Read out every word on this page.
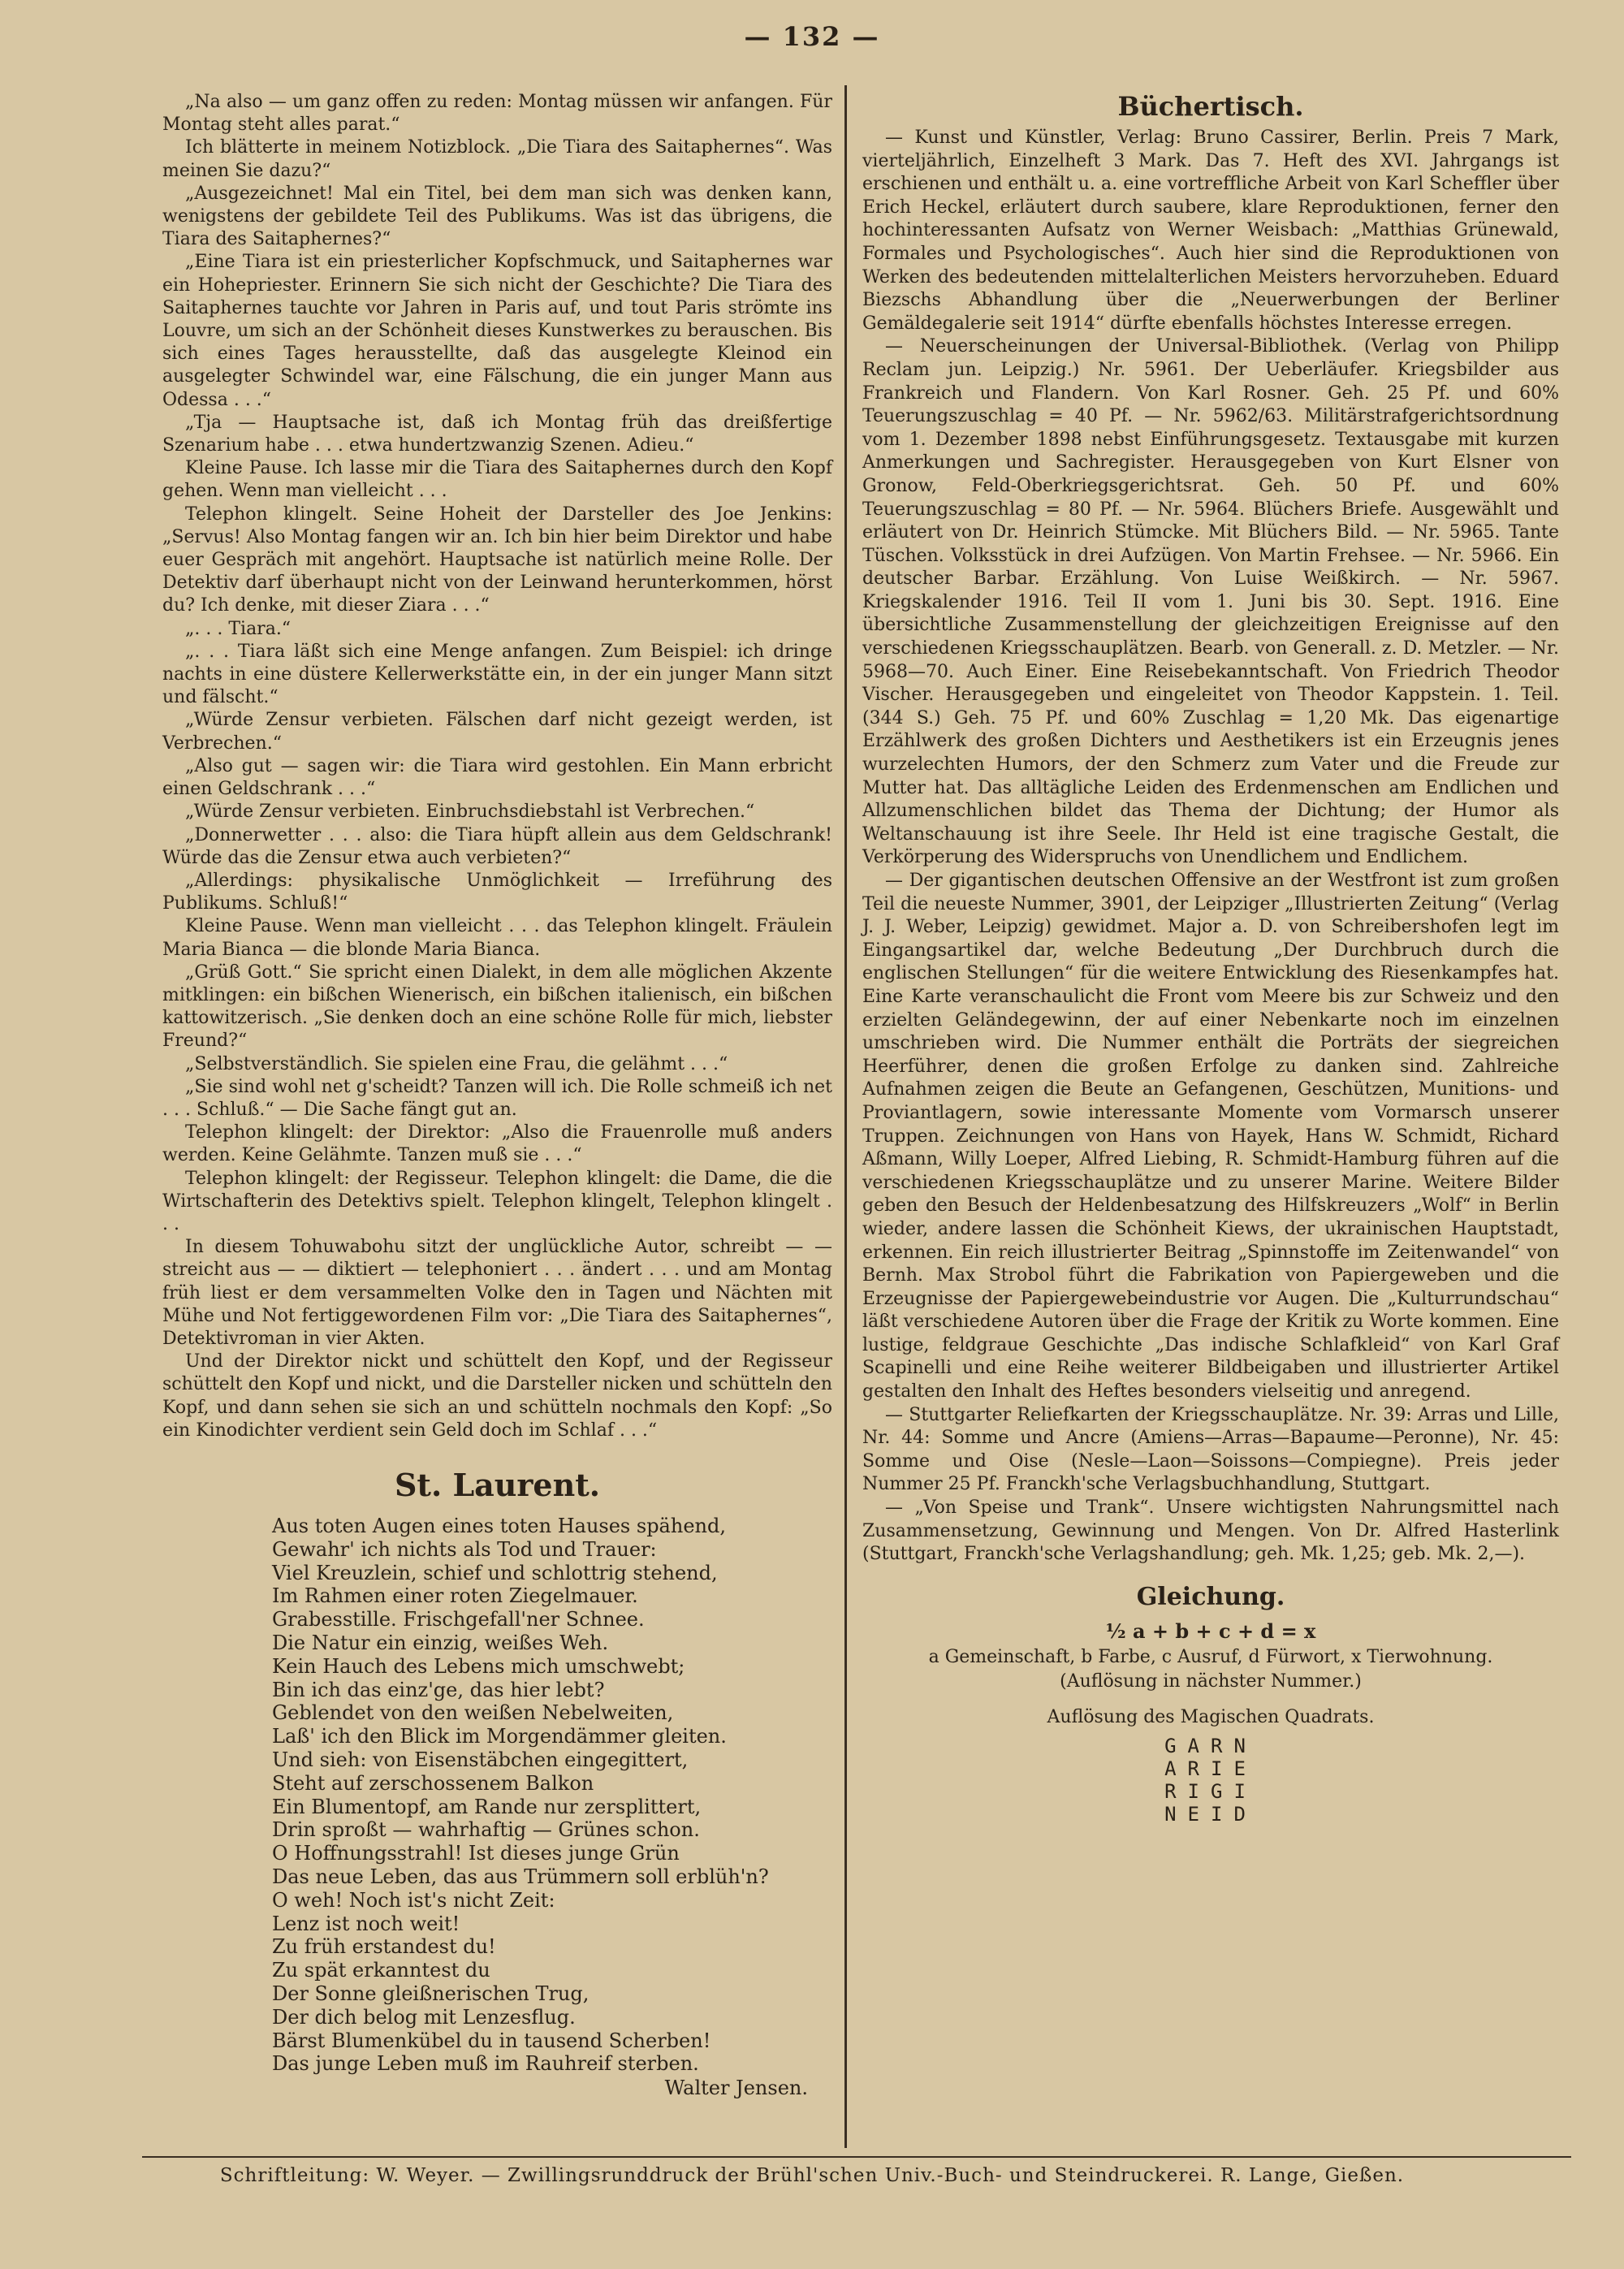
— 132 —

„Na also — um ganz offen zu reden: Montag müssen wir anfangen. Für Montag steht alles parat.“

Ich blätterte in meinem Notizblock. „Die Tiara des Saitaphernes“. Was meinen Sie dazu?“

„Ausgezeichnet! Mal ein Titel, bei dem man sich was denken kann, wenigstens der gebildete Teil des Publikums. Was ist das übrigens, die Tiara des Saitaphernes?“

„Eine Tiara ist ein priesterlicher Kopfschmuck, und Saitaphernes war ein Hohepriester. Erinnern Sie sich nicht der Geschichte? Die Tiara des Saitaphernes tauchte vor Jahren in Paris auf, und tout Paris strömte ins Louvre, um sich an der Schönheit dieses Kunstwerkes zu berauschen. Bis sich eines Tages herausstellte, daß das ausgelegte Kleinod ein ausgelegter Schwindel war, eine Fälschung, die ein junger Mann aus Odessa . . .“

„Tja — Hauptsache ist, daß ich Montag früh das dreißfertige Szenarium habe . . . etwa hundertzwanzig Szenen. Adieu.“

Kleine Pause. Ich lasse mir die Tiara des Saitaphernes durch den Kopf gehen. Wenn man vielleicht . . .

Telephon klingelt. Seine Hoheit der Darsteller des Joe Jenkins: „Servus! Also Montag fangen wir an. Ich bin hier beim Direktor und habe euer Gespräch mit angehört. Hauptsache ist natürlich meine Rolle. Der Detektiv darf überhaupt nicht von der Leinwand herunterkommen, hörst du? Ich denke, mit dieser Ziara . . .“

„. . . Tiara.“

„. . . Tiara läßt sich eine Menge anfangen. Zum Beispiel: ich dringe nachts in eine düstere Kellerwerkstätte ein, in der ein junger Mann sitzt und fälscht.“

„Würde Zensur verbieten. Fälschen darf nicht gezeigt werden, ist Verbrechen.“

„Also gut — sagen wir: die Tiara wird gestohlen. Ein Mann erbricht einen Geldschrank . . .“

„Würde Zensur verbieten. Einbruchsdiebstahl ist Verbrechen.“

„Donnerwetter . . . also: die Tiara hüpft allein aus dem Geldschrank! Würde das die Zensur etwa auch verbieten?“

„Allerdings: physikalische Unmöglichkeit — Irreführung des Publikums. Schluß!“

Kleine Pause. Wenn man vielleicht . . . das Telephon klingelt. Fräulein Maria Bianca — die blonde Maria Bianca.

„Grüß Gott.“ Sie spricht einen Dialekt, in dem alle möglichen Akzente mitklingen: ein bißchen Wienerisch, ein bißchen italienisch, ein bißchen kattowitzerisch. „Sie denken doch an eine schöne Rolle für mich, liebster Freund?“

„Selbstverständlich. Sie spielen eine Frau, die gelähmt . . .“

„Sie sind wohl net g'scheidt? Tanzen will ich. Die Rolle schmeiß ich net . . . Schluß.“ — Die Sache fängt gut an.

Telephon klingelt: der Direktor: „Also die Frauenrolle muß anders werden. Keine Gelähmte. Tanzen muß sie . . .“

Telephon klingelt: der Regisseur. Telephon klingelt: die Dame, die die Wirtschafterin des Detektivs spielt. Telephon klingelt, Telephon klingelt . . .

In diesem Tohuwabohu sitzt der unglückliche Autor, schreibt — — streicht aus — — diktiert — telephoniert . . . ändert . . . und am Montag früh liest er dem versammelten Volke den in Tagen und Nächten mit Mühe und Not fertiggewordenen Film vor: „Die Tiara des Saitaphernes“, Detektivroman in vier Akten.

Und der Direktor nickt und schüttelt den Kopf, und der Regisseur schüttelt den Kopf und nickt, und die Darsteller nicken und schütteln den Kopf, und dann sehen sie sich an und schütteln nochmals den Kopf: „So ein Kinodichter verdient sein Geld doch im Schlaf . . .“

St. Laurent.
Aus toten Augen eines toten Hauses spähend,
Gewahr' ich nichts als Tod und Trauer:
Viel Kreuzlein, schief und schlottrig stehend,
Im Rahmen einer roten Ziegelmauer.
Grabesstille. Frischgefall'ner Schnee.
Die Natur ein einzig, weißes Weh.
Kein Hauch des Lebens mich umschwebt;
Bin ich das einz'ge, das hier lebt?
Geblendet von den weißen Nebelweiten,
Laß' ich den Blick im Morgendämmer gleiten.
Und sieh: von Eisenstäbchen eingegittert,
Steht auf zerschossenem Balkon
Ein Blumentopf, am Rande nur zersplittert,
Drin sproßt — wahrhaftig — Grünes schon.
O Hoffnungsstrahl! Ist dieses junge Grün
Das neue Leben, das aus Trümmern soll erblüh'n?
O weh! Noch ist's nicht Zeit:
Lenz ist noch weit!
Zu früh erstandest du!
Zu spät erkanntest du
Der Sonne gleißnerischen Trug,
Der dich belog mit Lenzesflug.
Bärst Blumenkübel du in tausend Scherben!
Das junge Leben muß im Rauhreif sterben.
Walter Jensen.
Büchertisch.

— Kunst und Künstler, Verlag: Bruno Cassirer, Berlin. Preis 7 Mark, vierteljährlich, Einzelheft 3 Mark. Das 7. Heft des XVI. Jahrgangs ist erschienen und enthält u. a. eine vortreffliche Arbeit von Karl Scheffler über Erich Heckel, erläutert durch saubere, klare Reproduktionen, ferner den hochinteressanten Aufsatz von Werner Weisbach: „Matthias Grünewald, Formales und Psychologisches“. Auch hier sind die Reproduktionen von Werken des bedeutenden mittelalterlichen Meisters hervorzuheben. Eduard Biezschs Abhandlung über die „Neuerwerbungen der Berliner Gemäldegalerie seit 1914“ dürfte ebenfalls höchstes Interesse erregen.

— Neuerscheinungen der Universal-Bibliothek. (Verlag von Philipp Reclam jun. Leipzig.) Nr. 5961. Der Ueberläufer. Kriegsbilder aus Frankreich und Flandern. Von Karl Rosner. Geh. 25 Pf. und 60% Teuerungszuschlag = 40 Pf. — Nr. 5962/63. Militärstrafgerichtsordnung vom 1. Dezember 1898 nebst Einführungsgesetz. Textausgabe mit kurzen Anmerkungen und Sachregister. Herausgegeben von Kurt Elsner von Gronow, Feld-Oberkriegsgerichtsrat. Geh. 50 Pf. und 60% Teuerungszuschlag = 80 Pf. — Nr. 5964. Blüchers Briefe. Ausgewählt und erläutert von Dr. Heinrich Stümcke. Mit Blüchers Bild. — Nr. 5965. Tante Tüschen. Volksstück in drei Aufzügen. Von Martin Frehsee. — Nr. 5966. Ein deutscher Barbar. Erzählung. Von Luise Weißkirch. — Nr. 5967. Kriegskalender 1916. Teil II vom 1. Juni bis 30. Sept. 1916. Eine übersichtliche Zusammenstellung der gleichzeitigen Ereignisse auf den verschiedenen Kriegsschauplätzen. Bearb. von Generall. z. D. Metzler. — Nr. 5968—70. Auch Einer. Eine Reisebekanntschaft. Von Friedrich Theodor Vischer. Herausgegeben und eingeleitet von Theodor Kappstein. 1. Teil. (344 S.) Geh. 75 Pf. und 60% Zuschlag = 1,20 Mk. Das eigenartige Erzählwerk des großen Dichters und Aesthetikers ist ein Erzeugnis jenes wurzelechten Humors, der den Schmerz zum Vater und die Freude zur Mutter hat. Das alltägliche Leiden des Erdenmenschen am Endlichen und Allzumenschlichen bildet das Thema der Dichtung; der Humor als Weltanschauung ist ihre Seele. Ihr Held ist eine tragische Gestalt, die Verkörperung des Widerspruchs von Unendlichem und Endlichem.

— Der gigantischen deutschen Offensive an der Westfront ist zum großen Teil die neueste Nummer, 3901, der Leipziger „Illustrierten Zeitung“ (Verlag J. J. Weber, Leipzig) gewidmet. Major a. D. von Schreibershofen legt im Eingangsartikel dar, welche Bedeutung „Der Durchbruch durch die englischen Stellungen“ für die weitere Entwicklung des Riesenkampfes hat. Eine Karte veranschaulicht die Front vom Meere bis zur Schweiz und den erzielten Geländegewinn, der auf einer Nebenkarte noch im einzelnen umschrieben wird. Die Nummer enthält die Porträts der siegreichen Heerführer, denen die großen Erfolge zu danken sind. Zahlreiche Aufnahmen zeigen die Beute an Gefangenen, Geschützen, Munitions- und Proviantlagern, sowie interessante Momente vom Vormarsch unserer Truppen. Zeichnungen von Hans von Hayek, Hans W. Schmidt, Richard Aßmann, Willy Loeper, Alfred Liebing, R. Schmidt-Hamburg führen auf die verschiedenen Kriegsschauplätze und zu unserer Marine. Weitere Bilder geben den Besuch der Heldenbesatzung des Hilfskreuzers „Wolf“ in Berlin wieder, andere lassen die Schönheit Kiews, der ukrainischen Hauptstadt, erkennen. Ein reich illustrierter Beitrag „Spinnstoffe im Zeitenwandel“ von Bernh. Max Strobol führt die Fabrikation von Papiergeweben und die Erzeugnisse der Papiergewebeindustrie vor Augen. Die „Kulturrundschau“ läßt verschiedene Autoren über die Frage der Kritik zu Worte kommen. Eine lustige, feldgraue Geschichte „Das indische Schlafkleid“ von Karl Graf Scapinelli und eine Reihe weiterer Bildbeigaben und illustrierter Artikel gestalten den Inhalt des Heftes besonders vielseitig und anregend.

— Stuttgarter Reliefkarten der Kriegsschauplätze. Nr. 39: Arras und Lille, Nr. 44: Somme und Ancre (Amiens—Arras—Bapaume—Peronne), Nr. 45: Somme und Oise (Nesle—Laon—Soissons—Compiegne). Preis jeder Nummer 25 Pf. Franckh'sche Verlagsbuchhandlung, Stuttgart.

— „Von Speise und Trank“. Unsere wichtigsten Nahrungsmittel nach Zusammensetzung, Gewinnung und Mengen. Von Dr. Alfred Hasterlink (Stuttgart, Franckh'sche Verlagshandlung; geh. Mk. 1,25; geb. Mk. 2,—).

Gleichung.
½ a + b + c + d = x
a Gemeinschaft, b Farbe, c Ausruf, d Fürwort, x Tierwohnung.
(Auflösung in nächster Nummer.)
Auflösung des Magischen Quadrats.
GARN
ARIE
RIGI
NEID
Schriftleitung: W. Weyer. — Zwillingsrunddruck der Brühl'schen Univ.-Buch- und Steindruckerei. R. Lange, Gießen.
